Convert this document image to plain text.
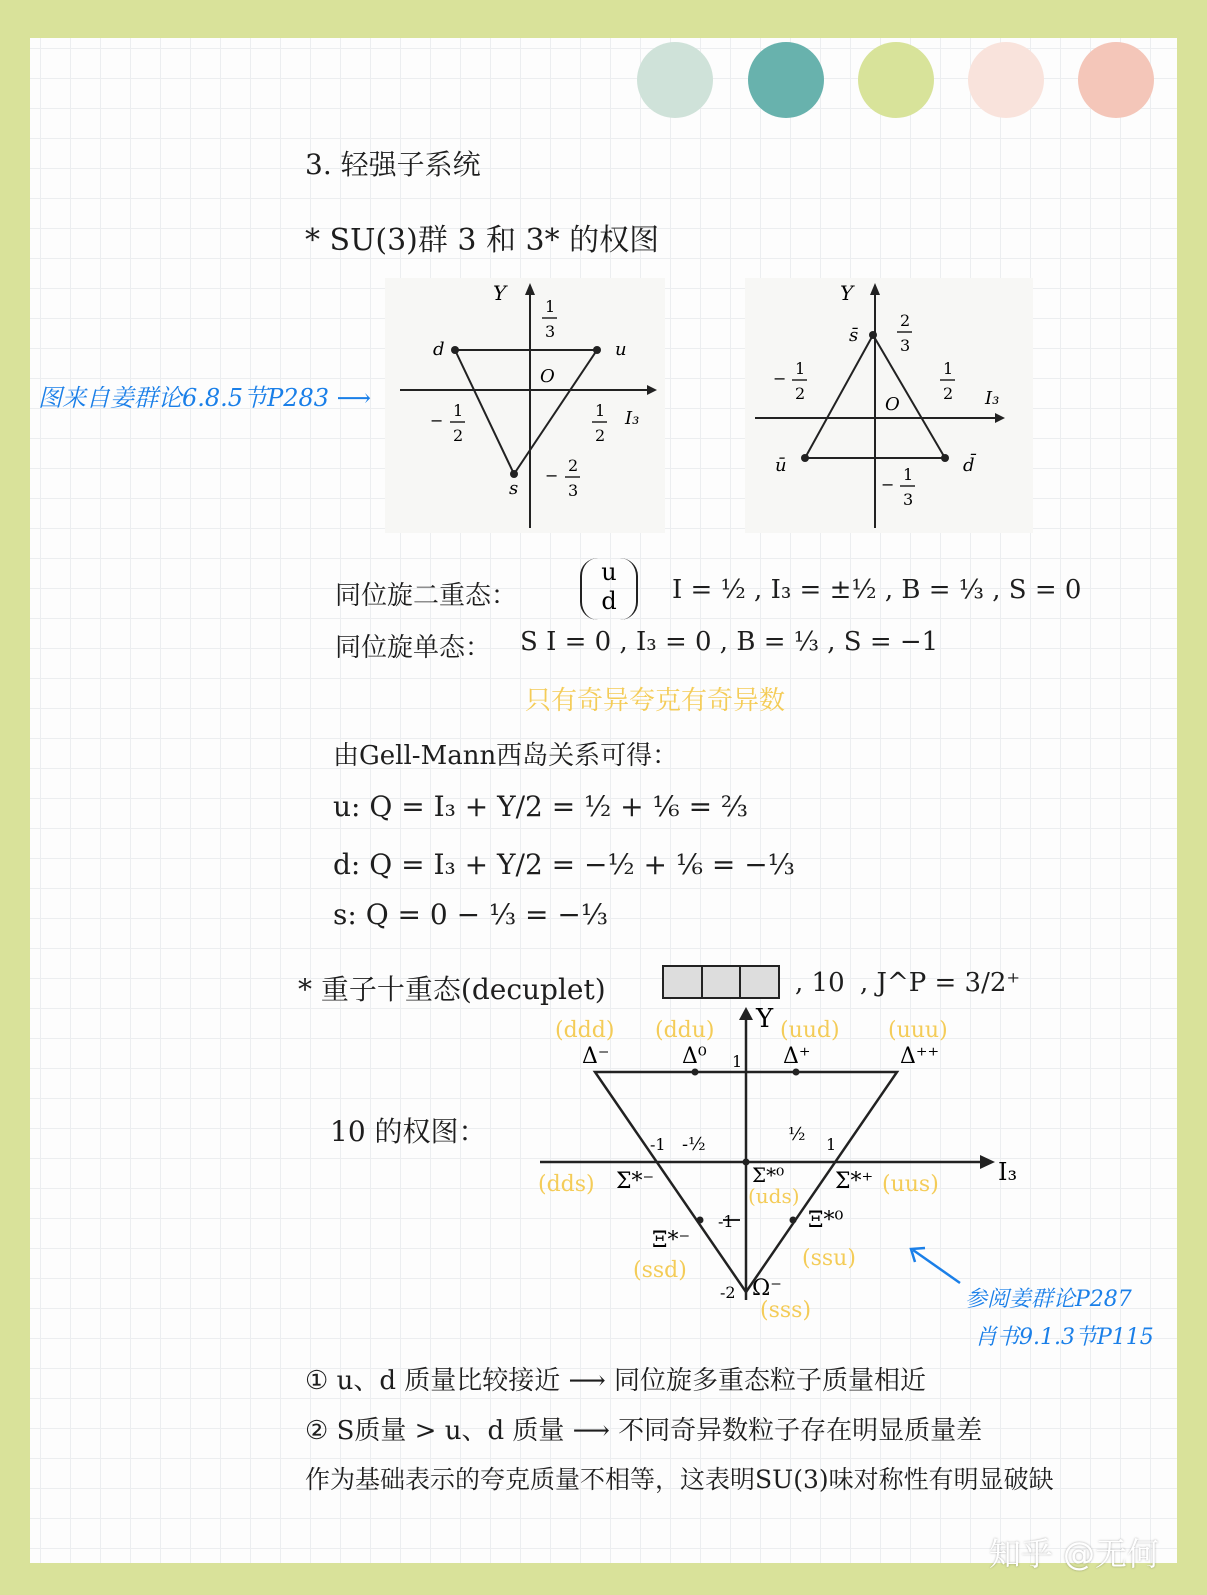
3. 轻强子系统
* SU(3)群 3 和 3* 的权图
图来自姜群论6.8.5节P283 ⟶
Y
I₃
O
d	u
s
1
3
−
1
2
1
2
−
2
3
Y
I₃
O
s̄
ū	d̄
2
3
−
1
2
1
2
−
1
3
同位旋二重态：
u
d	I = ½ , I₃ = ±½ , B = ⅓ , S = 0
同位旋单态： S I = 0 , I₃ = 0 , B = ⅓ , S = −1
只有奇异夸克有奇异数
由Gell-Mann西岛关系可得：
u: Q = I₃ + Y/2 = ½ + ⅙ = ⅔
d: Q = I₃ + Y/2 = −½ + ⅙ = −⅓
s: Q = 0 − ⅓ = −⅓
* 重子十重态(decuplet)	, 10 , J^P = 3/2⁺
10 的权图：
Y
I₃
Δ⁻	Δ⁰	Δ⁺	Δ⁺⁺
Σ*⁻	Σ*⁰ Σ*⁺
Ξ*⁻
Ξ*⁰
Ω⁻
(ddd) (ddu)	(uud) (uuu)
(dds)	(uds)	(uus)
(ssd)	(ssu)
(sss)
1
-1 -½	½ 1
-1
-2	参阅姜群论P287
肖书9.1.3节P115
① u、d 质量比较接近 ⟶ 同位旋多重态粒子质量相近
② S质量 > u、d 质量 ⟶ 不同奇异数粒子存在明显质量差
作为基础表示的夸克质量不相等，这表明SU(3)味对称性有明显破缺
知乎 @无何
